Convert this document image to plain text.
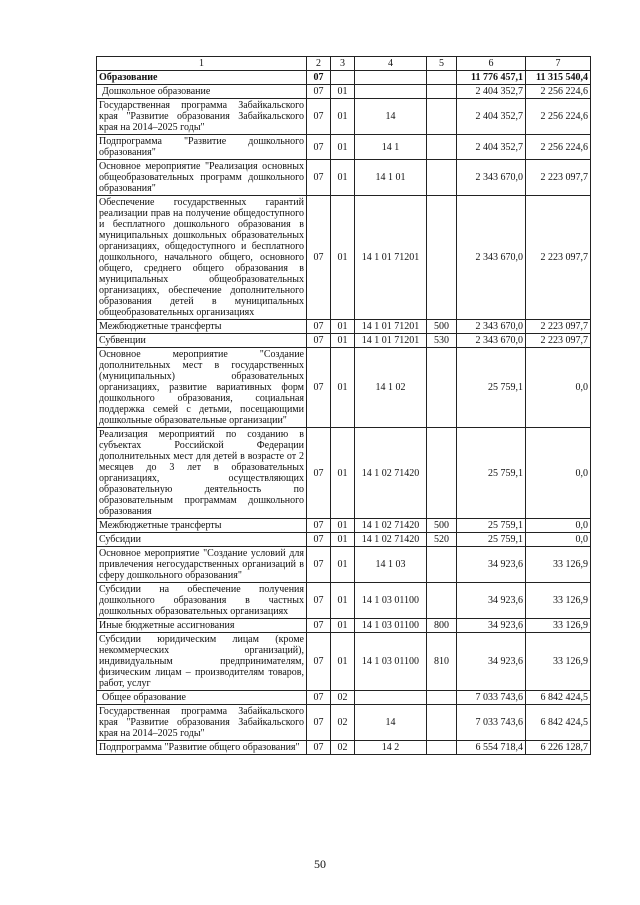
1	2	3	4	5	6	7
Образование	07				11 776 457,1	11 315 540,4
Дошкольное образование	07	01			2 404 352,7	2 256 224,6
Государственная программа Забайкальского края "Развитие образования Забайкальского края на 2014–2025 годы"	07	01	14		2 404 352,7	2 256 224,6
Подпрограмма "Развитие дошкольного образования"	07	01	14 1		2 404 352,7	2 256 224,6
Основное мероприятие "Реализация основных общеобразовательных программ дошкольного образования"	07	01	14 1 01		2 343 670,0	2 223 097,7
Обеспечение государственных гарантий реализации прав на получение общедоступного и бесплатного дошкольного образования в муниципальных дошкольных образовательных организациях, общедоступного и бесплатного дошкольного, начального общего, основного общего, среднего общего образования в муниципальных общеобразовательных организациях, обеспечение дополнительного образования детей в муниципальных общеобразовательных организациях	07	01	14 1 01 71201		2 343 670,0	2 223 097,7
Межбюджетные трансферты	07	01	14 1 01 71201	500	2 343 670,0	2 223 097,7
Субвенции	07	01	14 1 01 71201	530	2 343 670,0	2 223 097,7
Основное мероприятие "Создание дополнительных мест в государственных (муниципальных) образовательных организациях, развитие вариативных форм дошкольного образования, социальная поддержка семей с детьми, посещающими дошкольные образовательные организации"	07	01	14 1 02		25 759,1	0,0
Реализация мероприятий по созданию в субъектах Российской Федерации дополнительных мест для детей в возрасте от 2 месяцев до 3 лет в образовательных организациях, осуществляющих образовательную деятельность по образовательным программам дошкольного образования	07	01	14 1 02 71420		25 759,1	0,0
Межбюджетные трансферты	07	01	14 1 02 71420	500	25 759,1	0,0
Субсидии	07	01	14 1 02 71420	520	25 759,1	0,0
Основное мероприятие "Создание условий для привлечения негосударственных организаций в сферу дошкольного образования"	07	01	14 1 03		34 923,6	33 126,9
Субсидии на обеспечение получения дошкольного образования в частных дошкольных образовательных организациях	07	01	14 1 03 01100		34 923,6	33 126,9
Иные бюджетные ассигнования	07	01	14 1 03 01100	800	34 923,6	33 126,9
Субсидии юридическим лицам (кроме некоммерческих организаций), индивидуальным предпринимателям, физическим лицам – производителям товаров, работ, услуг	07	01	14 1 03 01100	810	34 923,6	33 126,9
Общее образование	07	02			7 033 743,6	6 842 424,5
Государственная программа Забайкальского края "Развитие образования Забайкальского края на 2014–2025 годы"	07	02	14		7 033 743,6	6 842 424,5
Подпрограмма "Развитие общего образования"	07	02	14 2		6 554 718,4	6 226 128,7
50
